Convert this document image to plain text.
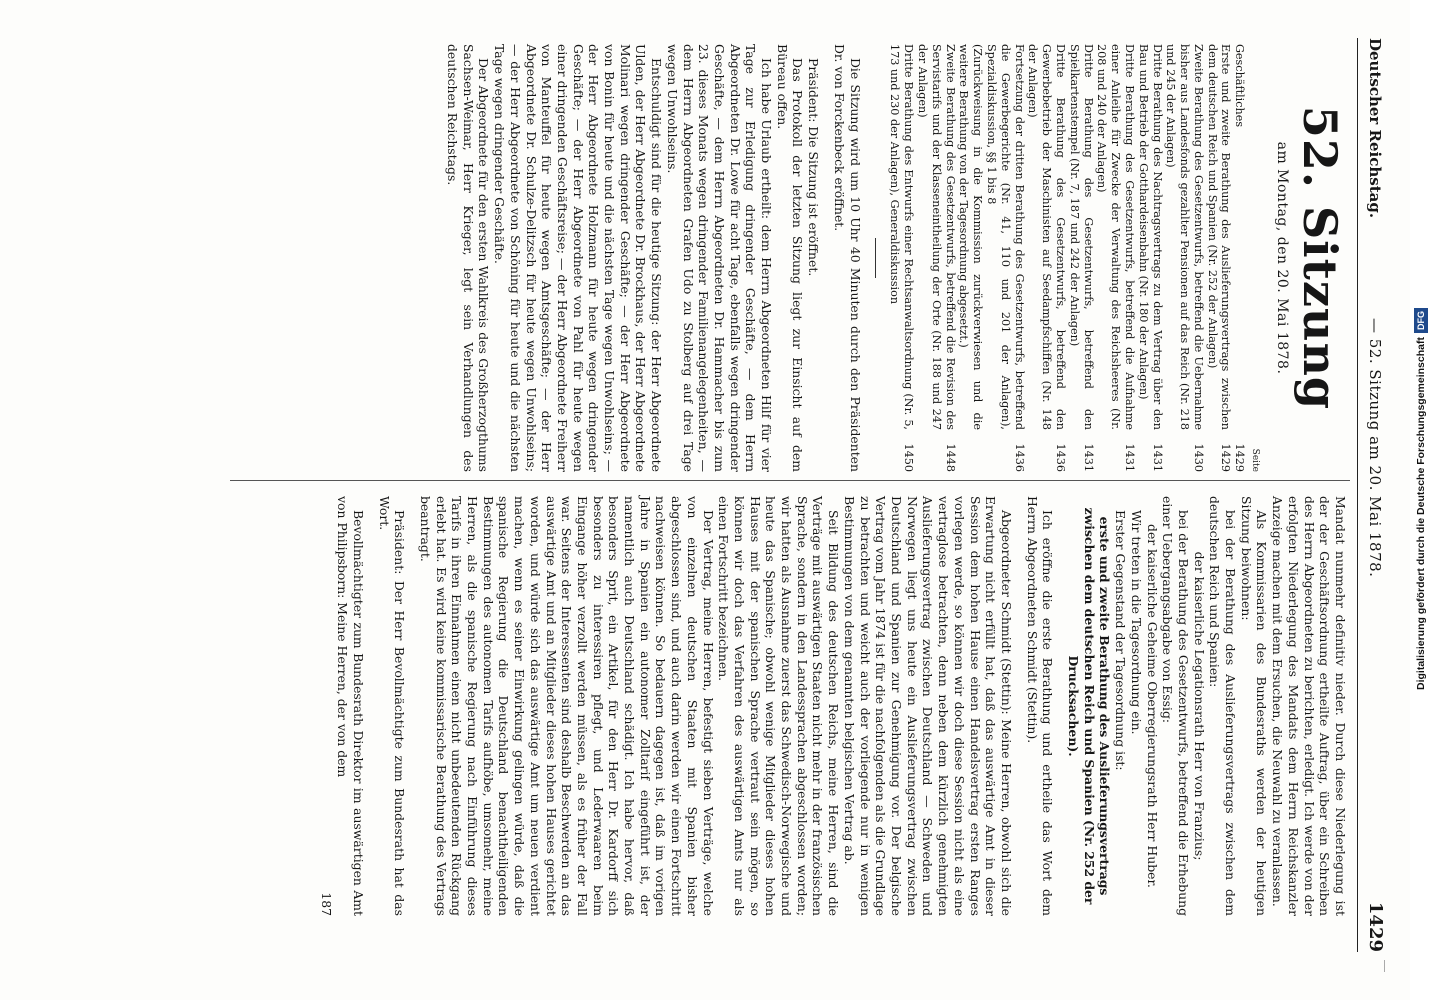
Deutscher Reichstag.
— 52. Sitzung am 20. Mai 1878.
1429
52. Sitzung
am Montag, den 20. Mai 1878.
Seite
Geschäftliches	1429
Erste und zweite Berathung des Auslieferungsvertrags zwischen dem deutschen Reich und Spanien (Nr. 252 der Anlagen)	1429
Zweite Berathung des Gesetzentwurfs, betreffend die Uebernahme bisher aus Landesfonds gezahlter Pensionen auf das Reich (Nr. 218 und 245 der Anlagen)	1430
Dritte Berathung des Nachtragsvertrags zu dem Vertrag über den Bau und Betrieb der Gotthardeisenbahn (Nr. 180 der Anlagen)	1431
Dritte Berathung des Gesetzentwurfs, betreffend die Aufnahme einer Anleihe für Zwecke der Verwaltung des Reichsheeres (Nr. 208 und 240 der Anlagen)	1431
Dritte Berathung des Gesetzentwurfs, betreffend den Spielkartenstempel (Nr. 7, 187 und 242 der Anlagen)	1431
Dritte Berathung des Gesetzentwurfs, betreffend den Gewerbebetrieb der Maschinisten auf Seedampfschiffen (Nr. 148 der Anlagen)	1436
Fortsetzung der dritten Berathung des Gesetzentwurfs, betreffend die Gewerbegerichte (Nr. 41, 110 und 201 der Anlagen), Spezialdiskussion, §§ 1 bis 8	1436
(Zurückweisung in die Kommission zurückverwiesen und die weitere Berathung von der Tagesordnung abgesetzt.)	
Zweite Berathung des Gesetzentwurfs, betreffend die Revision des Servistarifs und der Klasseneintheilung der Orte (Nr. 188 und 247 der Anlagen)	1448
Dritte Berathung des Entwurfs einer Rechtsanwaltsordnung (Nr. 5, 173 und 230 der Anlagen), Generaldiskussion	1450

Die Sitzung wird um 10 Uhr 40 Minuten durch den Präsidenten Dr. von Forckenbeck eröffnet.

Präsident: Die Sitzung ist eröffnet.

Das Protokoll der letzten Sitzung liegt zur Einsicht auf dem Büreau offen.

Ich habe Urlaub ertheilt: dem Herrn Abgeordneten Hilf für vier Tage zur Erledigung dringender Geschäfte, — dem Herrn Abgeordneten Dr. Lowe für acht Tage, ebenfalls wegen dringender Geschäfte, — dem Herrn Abgeordneten Dr. Hammacher bis zum 23. dieses Monats wegen dringender Familienangelegenheiten, — dem Herrn Abgeordneten Grafen Udo zu Stolberg auf drei Tage wegen Unwohlseins.

Entschuldigt sind für die heutige Sitzung: der Herr Abgeordnete Ulden, der Herr Abgeordnete Dr. Brockhaus, der Herr Abgeordnete Molinari wegen dringender Geschäfte; — der Herr Abgeordnete von Bonin für heute und die nächsten Tage wegen Unwohlseins; — der Herr Abgeordnete Holzmann für heute wegen dringender Geschäfte; — der Herr Abgeordnete von Pahl für heute wegen einer dringenden Geschäftsreise; — der Herr Abgeordnete Freiherr von Manteuffel für heute wegen Amtsgeschäfte; — der Herr Abgeordnete Dr. Schulze-Delitzsch für heute wegen Unwohlseins; — der Herr Abgeordnete von Schöning für heute und die nächsten Tage wegen dringender Geschäfte.

Der Abgeordnete für den ersten Wahlkreis des Großherzogthums Sachsen-Weimar, Herr Krieger, legt sein Verhandlungen des deutschen Reichstags.

Mandat nunmehr definitiv nieder. Durch diese Niederlegung ist der der Geschäftsordnung ertheilte Auftrag, über ein Schreiben des Herrn Abgeordneten zu berichten, erledigt. Ich werde von der erfolgten Niederlegung des Mandats dem Herrn Reichskanzler Anzeige machen mit dem Ersuchen, die Neuwahl zu veranlassen.

Als Kommissarien des Bundesraths werden der heutigen Sitzung beiwohnen:

bei der Berathung des Auslieferungsvertrags zwischen dem deutschen Reich und Spanien:

der kaiserliche Legationsrath Herr von Franzius;

bei der Berathung des Gesetzentwurfs, betreffend die Erhebung einer Uebergangsabgabe von Essig:

der kaiserliche Geheime Oberregierungsrath Herr Huber.

Wir treten in die Tagesordnung ein.

Erster Gegenstand der Tagesordnung ist:

erste und zweite Berathung des Auslieferungsvertrags zwischen dem deutschen Reich und Spanien (Nr. 252 der Drucksachen).

Ich eröffne die erste Berathung und ertheile das Wort dem Herrn Abgeordneten Schmidt (Stettin).

Abgeordneter Schmidt (Stettin): Meine Herren, obwohl sich die Erwartung nicht erfüllt hat, daß das auswärtige Amt in dieser Session dem hohen Hause einen Handelsvertrag ersten Ranges vorlegen werde, so können wir doch diese Session nicht als eine vertraglose betrachten, denn neben dem kürzlich genehmigten Auslieferungsvertrag zwischen Deutschland — Schweden und Norwegen liegt uns heute ein Auslieferungsvertrag zwischen Deutschland und Spanien zur Genehmigung vor. Der belgische Vertrag vom Jahr 1874 ist für die nachfolgenden als die Grundlage zu betrachten und weicht auch der vorliegende nur in wenigen Bestimmungen von dem genannten belgischen Vertrag ab.

Seit Bildung des deutschen Reichs, meine Herren, sind die Verträge mit auswärtigen Staaten nicht mehr in der französischen Sprache, sondern in den Landessprachen abgeschlossen worden; wir hatten als Ausnahme zuerst das Schwedisch-Norwegische und heute das Spanische; obwohl wenige Mitglieder dieses hohen Hauses mit der spanischen Sprache vertraut sein mögen, so können wir doch das Verfahren des auswärtigen Amts nur als einen Fortschritt bezeichnen.

Der Vertrag, meine Herren, befestigt sieben Verträge, welche von einzelnen deutschen Staaten mit Spanien bisher abgeschlossen sind, und auch darin werden wir einen Fortschritt nachweisen können. So bedauern dagegen ist, daß im vorigen Jahre in Spanien ein autonomer Zolltarif eingeführt ist, der namentlich auch Deutschland schädigt. Ich habe hervor, daß besonders Sprit, ein Artikel, für den Herr Dr. Kardorff sich besonders zu interessiren pflegt, und Lederwaaren beim Eingange höher verzollt werden müssen, als es früher der Fall war. Seitens der Interessenten sind deshalb Beschwerden an das auswärtige Amt und an Mitglieder dieses hohen Hauses gerichtet worden, und würde sich das auswärtige Amt um neuen verdient machen, wenn es seiner Einwirkung gelingen würde, daß die spanische Regierung die Deutschland benachtheiligenden Bestimmungen des autonomen Tarifs aufhöbe, umsomehr, meine Herren, als die spanische Regierung nach Einführung dieses Tarifs in ihren Einnahmen einen nicht unbedeutenden Rückgang erlebt hat. Es wird keine kommissarische Berathung des Vertrags beantragt.

Präsident: Der Herr Bevollmächtigte zum Bundesrath hat das Wort.

Bevollmächtigter zum Bundesrath Direktor im auswärtigen Amt von Philipsborn: Meine Herren, der von dem

187

Digitalisierung gefördert durch die Deutsche ForschungsgemeinschaftDFG
